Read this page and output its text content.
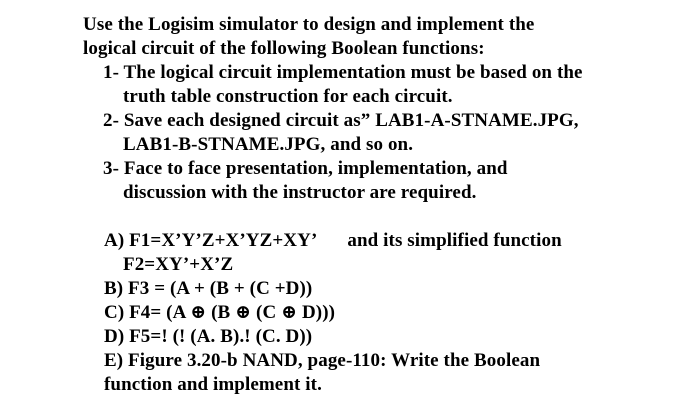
Use the Logisim simulator to design and implement the
logical circuit of the following Boolean functions:
1- The logical circuit implementation must be based on the
truth table construction for each circuit.
2- Save each designed circuit as” LAB1-A-STNAME.JPG,
LAB1-B-STNAME.JPG, and so on.
3- Face to face presentation, implementation, and
discussion with the instructor are required.
A) F1=X’Y’Z+X’YZ+XY’ and its simplified function
F2=XY’+X’Z
B) F3 = (A + (B + (C +D))
C) F4= (A ⊕ (B ⊕ (C ⊕ D)))
D) F5=! (! (A. B).! (C. D))
E) Figure 3.20-b NAND, page-110: Write the Boolean
function and implement it.
